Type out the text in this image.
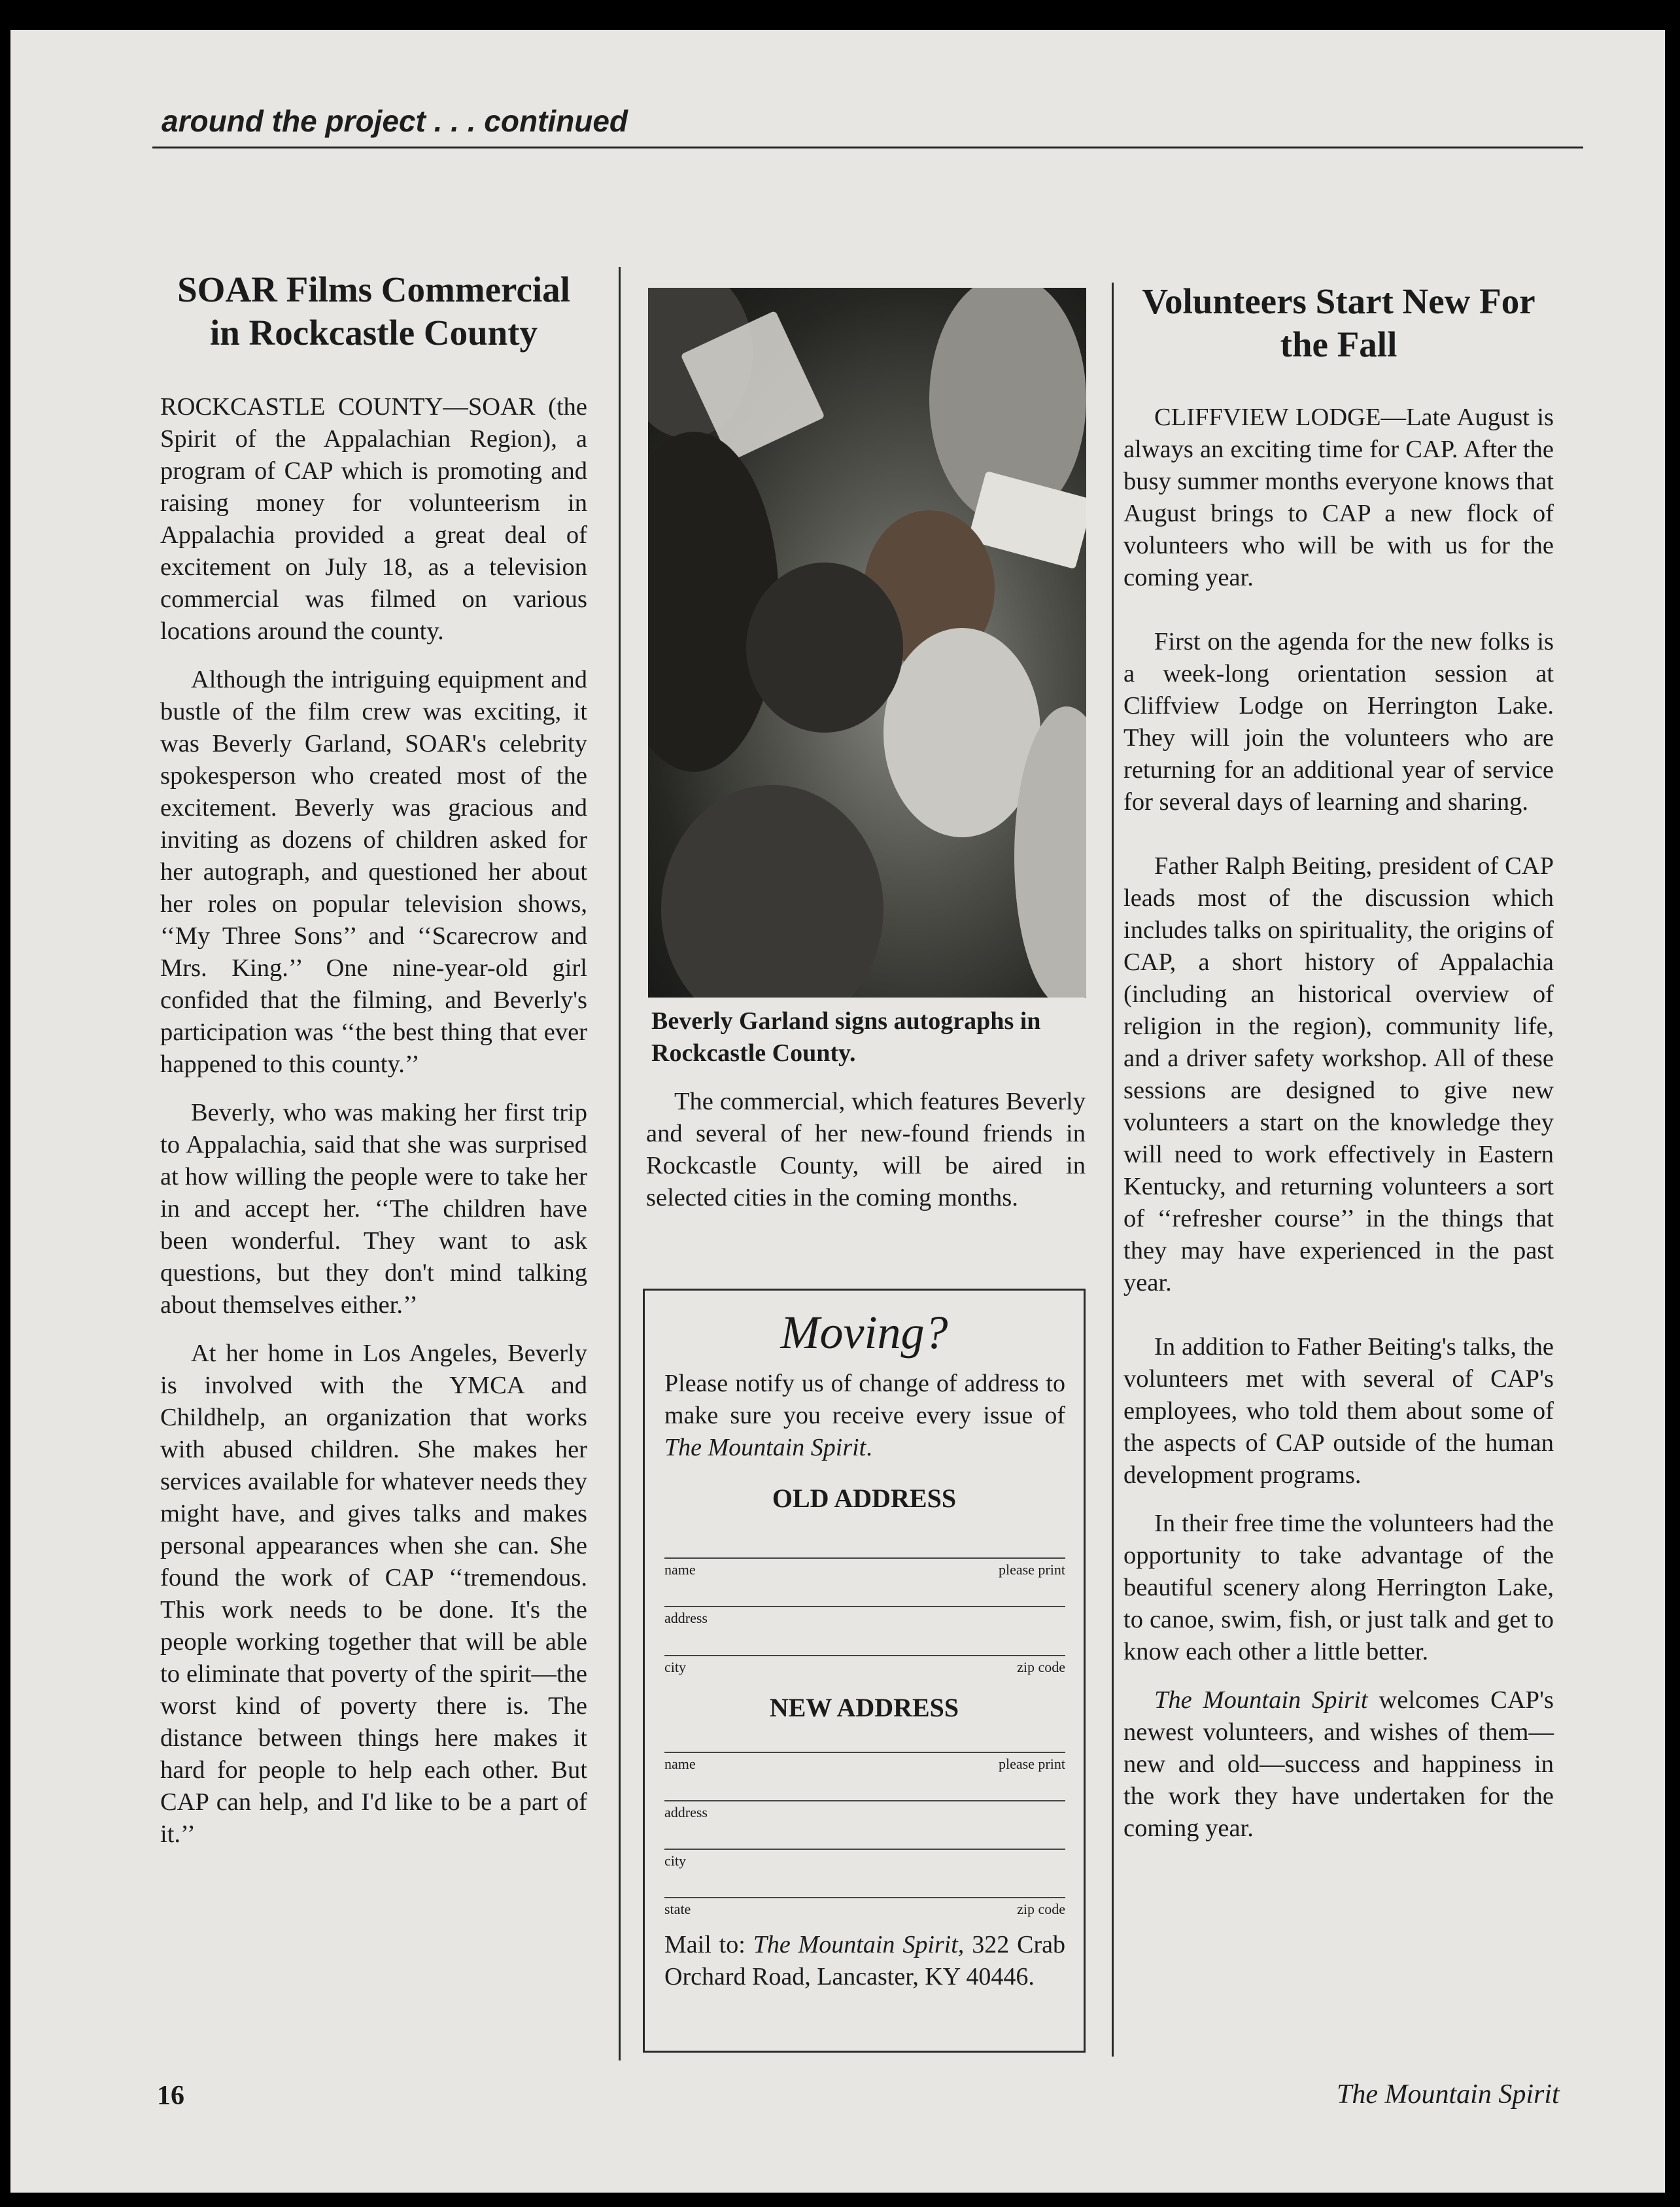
around the project . . . continued
SOAR Films Commercial in Rockcastle County

ROCKCASTLE COUNTY—SOAR (the Spirit of the Appalachian Region), a program of CAP which is promoting and raising money for volunteerism in Appalachia provided a great deal of excitement on July 18, as a television commercial was filmed on various locations around the county.

Although the intriguing equipment and bustle of the film crew was exciting, it was Beverly Garland, SOAR's celebrity spokesperson who created most of the excitement. Beverly was gracious and inviting as dozens of children asked for her autograph, and questioned her about her roles on popular television shows, ‘‘My Three Sons’’ and ‘‘Scarecrow and Mrs. King.’’ One nine-year-old girl confided that the filming, and Beverly's participation was ‘‘the best thing that ever happened to this county.’’

Beverly, who was making her first trip to Appalachia, said that she was surprised at how willing the people were to take her in and accept her. ‘‘The children have been wonderful. They want to ask questions, but they don't mind talking about themselves either.’’

At her home in Los Angeles, Beverly is involved with the YMCA and Childhelp, an organization that works with abused children. She makes her services available for whatever needs they might have, and gives talks and makes personal appearances when she can. She found the work of CAP ‘‘tremendous. This work needs to be done. It's the people working together that will be able to eliminate that poverty of the spirit—the worst kind of poverty there is. The distance between things here makes it hard for people to help each other. But CAP can help, and I'd like to be a part of it.’’

Beverly Garland signs autographs in Rockcastle County.

The commercial, which features Beverly and several of her new-found friends in Rockcastle County, will be aired in selected cities in the coming months.

Moving?

Please notify us of change of address to make sure you receive every issue of The Mountain Spirit.

OLD ADDRESS
name	please print
address
city	zip code
NEW ADDRESS
name	please print
address
city
state	zip code

Mail to: The Mountain Spirit, 322 Crab Orchard Road, Lancaster, KY 40446.

Volunteers Start New For the Fall

CLIFFVIEW LODGE—Late August is always an exciting time for CAP. After the busy summer months everyone knows that August brings to CAP a new flock of volunteers who will be with us for the coming year.

First on the agenda for the new folks is a week-long orientation session at Cliffview Lodge on Herrington Lake. They will join the volunteers who are returning for an additional year of service for several days of learning and sharing.

Father Ralph Beiting, president of CAP leads most of the discussion which includes talks on spirituality, the origins of CAP, a short history of Appalachia (including an historical overview of religion in the region), community life, and a driver safety workshop. All of these sessions are designed to give new volunteers a start on the knowledge they will need to work effectively in Eastern Kentucky, and returning volunteers a sort of ‘‘refresher course’’ in the things that they may have experienced in the past year.

In addition to Father Beiting's talks, the volunteers met with several of CAP's employees, who told them about some of the aspects of CAP outside of the human development programs.

In their free time the volunteers had the opportunity to take advantage of the beautiful scenery along Herrington Lake, to canoe, swim, fish, or just talk and get to know each other a little better.

The Mountain Spirit welcomes CAP's newest volunteers, and wishes of them—new and old—success and happiness in the work they have undertaken for the coming year.

16	The Mountain Spirit
